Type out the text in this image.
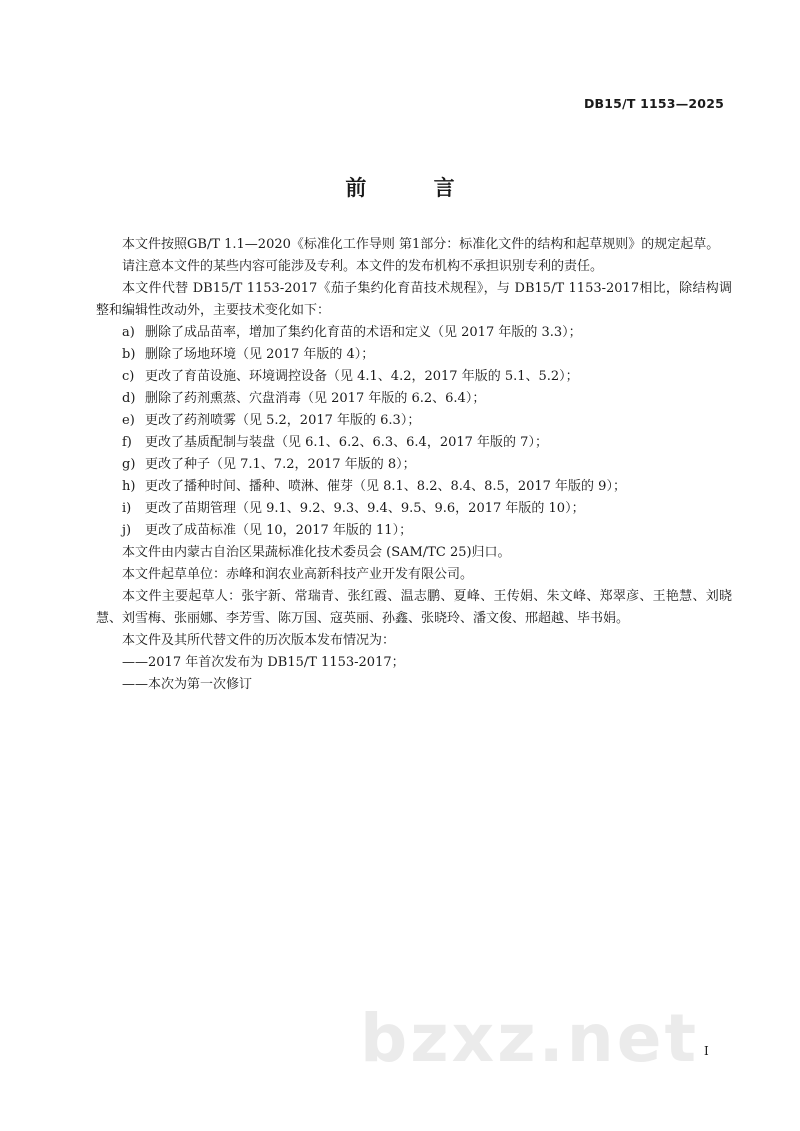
DB15/T 1153—2025
前 言

本文件按照GB/T 1.1—2020《标准化工作导则 第1部分：标准化文件的结构和起草规则》的规定起草。

请注意本文件的某些内容可能涉及专利。本文件的发布机构不承担识别专利的责任。

本文件代替 DB15/T 1153-2017《茄子集约化育苗技术规程》，与 DB15/T 1153-2017相比，除结构调整和编辑性改动外，主要技术变化如下：

a) 删除了成品苗率，增加了集约化育苗的术语和定义（见 2017 年版的 3.3）；
b) 删除了场地环境（见 2017 年版的 4）；
c) 更改了育苗设施、环境调控设备（见 4.1、4.2，2017 年版的 5.1、5.2）；
d) 删除了药剂熏蒸、穴盘消毒（见 2017 年版的 6.2、6.4）；
e) 更改了药剂喷雾（见 5.2，2017 年版的 6.3）；
f)	更改了基质配制与装盘（见 6.1、6.2、6.3、6.4，2017 年版的 7）；
g) 更改了种子（见 7.1、7.2，2017 年版的 8）；
h) 更改了播种时间、播种、喷淋、催芽（见 8.1、8.2、8.4、8.5，2017 年版的 9）；
i)	更改了苗期管理（见 9.1、9.2、9.3、9.4、9.5、9.6，2017 年版的 10）；
j)	更改了成苗标准（见 10，2017 年版的 11）；

本文件由内蒙古自治区果蔬标准化技术委员会 (SAM/TC 25)归口。

本文件起草单位：赤峰和润农业高新科技产业开发有限公司。

本文件主要起草人：张宇新、常瑞青、张红霞、温志鹏、夏峰、王传娟、朱文峰、郑翠彦、王艳慧、刘晓慧、刘雪梅、张丽娜、李芳雪、陈万国、寇英丽、孙鑫、张晓玲、潘文俊、邢超越、毕书娟。

本文件及其所代替文件的历次版本发布情况为：

——2017 年首次发布为 DB15/T 1153-2017；

——本次为第一次修订

I
bzxz.net
